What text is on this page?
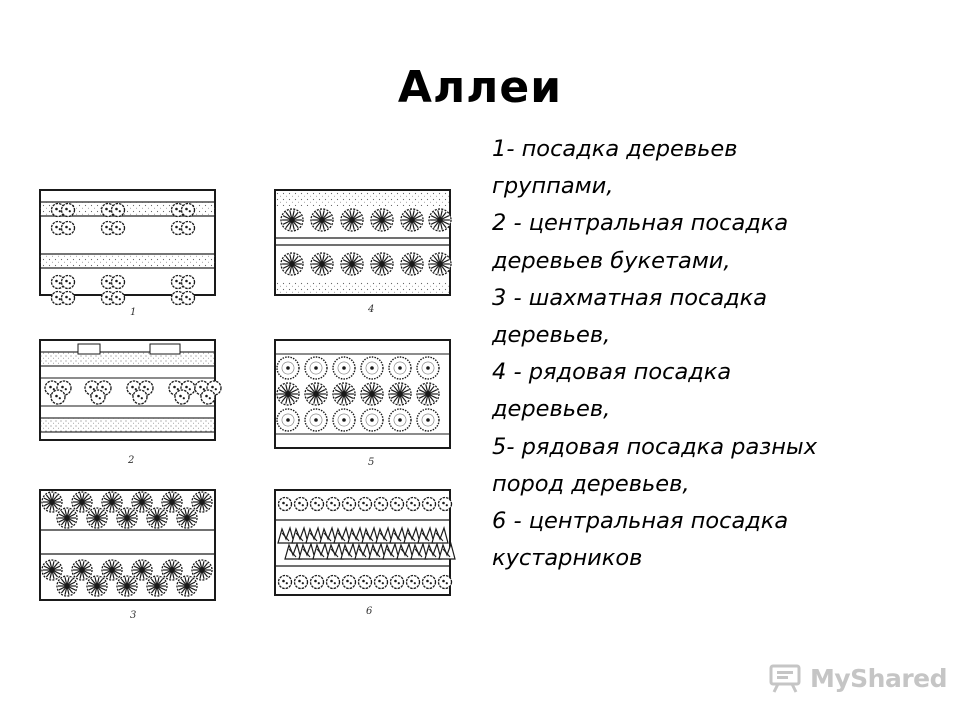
Аллеи
1- посадка деревьев
группами,
2 - центральная посадка
деревьев букетами,
3 - шахматная посадка
деревьев,
4 - рядовая посадка
деревьев,
5- рядовая посадка разных
пород деревьев,
6 - центральная посадка
кустарников
1	4
2	5
3	6
MyShared
